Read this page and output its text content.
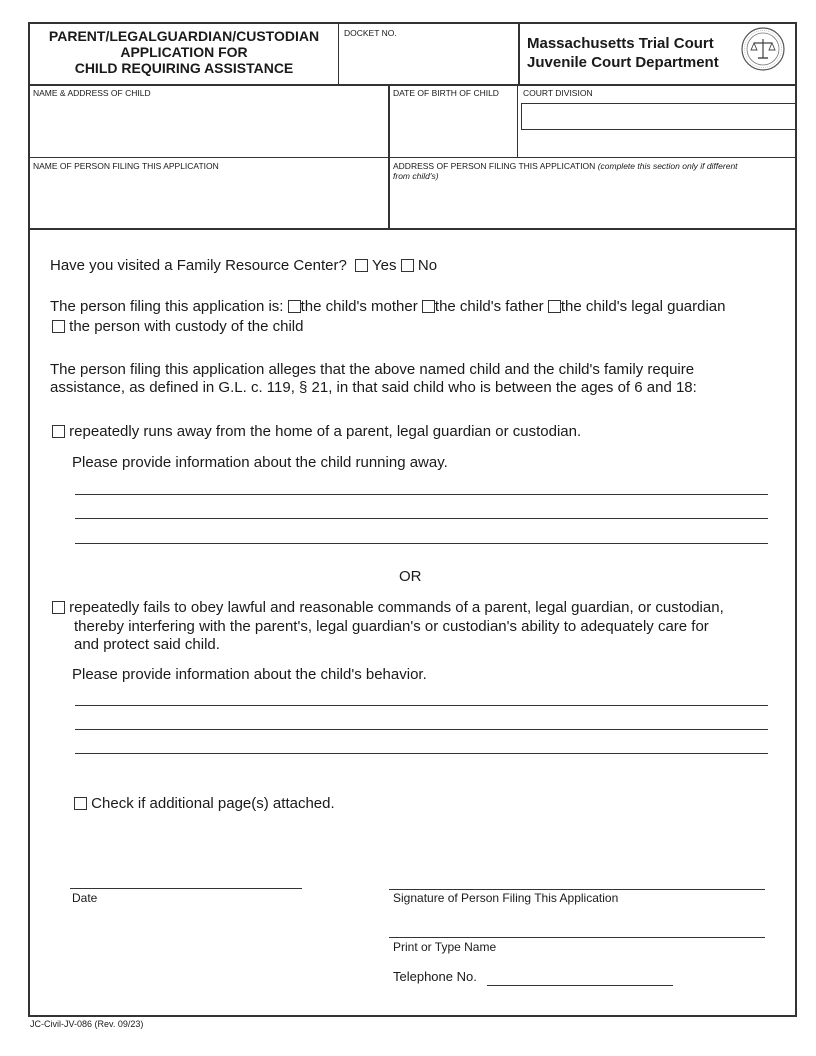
PARENT/LEGALGUARDIAN/CUSTODIAN
APPLICATION FOR
CHILD REQUIRING ASSISTANCE
DOCKET NO.
Massachusetts Trial Court
Juvenile Court Department
NAME & ADDRESS OF CHILD	DATE OF BIRTH OF CHILD	COURT DIVISION
NAME OF PERSON FILING THIS APPLICATION	ADDRESS OF PERSON FILING THIS APPLICATION (complete this section only if different
from child's)
Have you visited a Family Resource Center? Yes No
The person filing this application is: the child's mother the child's father the child's legal guardian
the person with custody of the child
The person filing this application alleges that the above named child and the child's family require
assistance, as defined in G.L. c. 119, § 21, in that said child who is between the ages of 6 and 18:
repeatedly runs away from the home of a parent, legal guardian or custodian.
Please provide information about the child running away.
OR
repeatedly fails to obey lawful and reasonable commands of a parent, legal guardian, or custodian,
thereby interfering with the parent's, legal guardian's or custodian's ability to adequately care for
and protect said child.
Please provide information about the child's behavior.
Check if additional page(s) attached.
Date	Signature of Person Filing This Application
Print or Type Name
Telephone No.
JC-Civil-JV-086 (Rev. 09/23)
